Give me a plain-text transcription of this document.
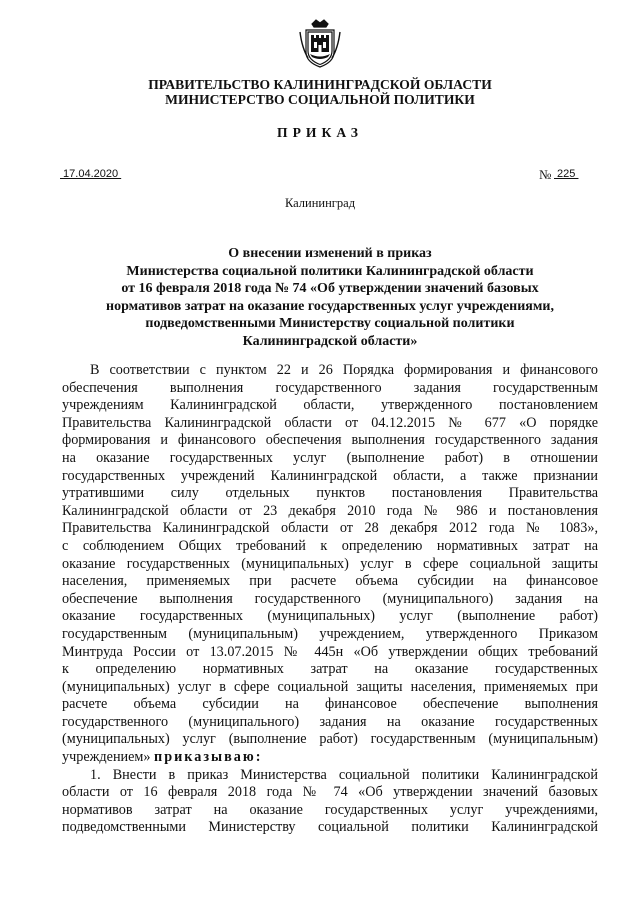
ПРАВИТЕЛЬСТВО КАЛИНИНГРАДСКОЙ ОБЛАСТИ
МИНИСТЕРСТВО СОЦИАЛЬНОЙ ПОЛИТИКИ
ПРИКАЗ
17.04.2020	№ 225
Калининград
О внесении изменений в приказ
Министерства социальной политики Калининградской области
от 16 февраля 2018 года № 74 «Об утверждении значений базовых
нормативов затрат на оказание государственных услуг учреждениями,
подведомственными Министерству социальной политики
Калининградской области»
В соответствии с пунктом 22 и 26 Порядка формирования и финансового
обеспечения выполнения государственного задания государственным
учреждениям Калининградской области, утвержденного постановлением
Правительства Калининградской области от 04.12.2015 № 677 «О порядке
формирования и финансового обеспечения выполнения государственного задания
на оказание государственных услуг (выполнение работ) в отношении
государственных учреждений Калининградской области, а также признании
утратившими силу отдельных пунктов постановления Правительства
Калининградской области от 23 декабря 2010 года № 986 и постановления
Правительства Калининградской области от 28 декабря 2012 года № 1083»,
с соблюдением Общих требований к определению нормативных затрат на
оказание государственных (муниципальных) услуг в сфере социальной защиты
населения, применяемых при расчете объема субсидии на финансовое
обеспечение выполнения государственного (муниципального) задания на
оказание государственных (муниципальных) услуг (выполнение работ)
государственным (муниципальным) учреждением, утвержденного Приказом
Минтруда России от 13.07.2015 № 445н «Об утверждении общих требований
к определению нормативных затрат на оказание государственных
(муниципальных) услуг в сфере социальной защиты населения, применяемых при
расчете объема субсидии на финансовое обеспечение выполнения
государственного (муниципального) задания на оказание государственных
(муниципальных) услуг (выполнение работ) государственным (муниципальным)
учреждением» приказываю:
1. Внести в приказ Министерства социальной политики Калининградской
области от 16 февраля 2018 года № 74 «Об утверждении значений базовых
нормативов затрат на оказание государственных услуг учреждениями,
подведомственными Министерству социальной политики Калининградской
